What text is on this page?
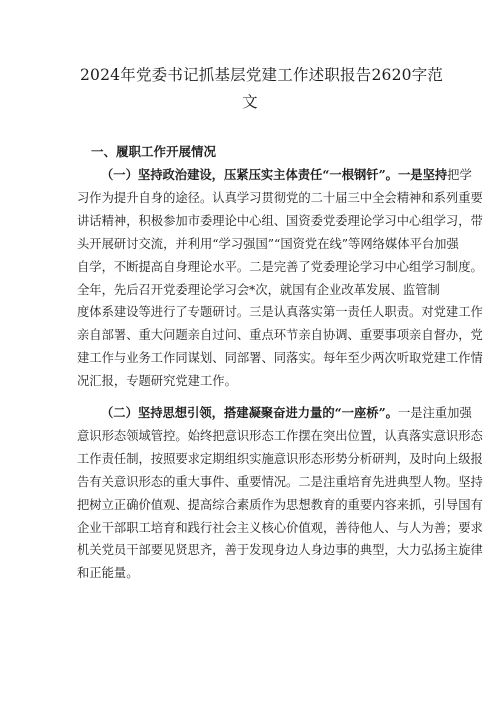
2024年党委书记抓基层党建工作述职报告2620字范
文
一、履职工作开展情况
（一）坚持政治建设，压紧压实主体责任“一根钢钎”。一是坚持把学
习作为提升自身的途径。认真学习贯彻党的二十届三中全会精神和系列重要
讲话精神，积极参加市委理论中心组、国资委党委理论学习中心组学习，带
头开展研讨交流，并利用“学习强国”“国资党在线”等网络媒体平台加强
自学，不断提高自身理论水平。二是完善了党委理论学习中心组学习制度。
全年，先后召开党委理论学习会*次，就国有企业改革发展、监管制
度体系建设等进行了专题研讨。三是认真落实第一责任人职责。对党建工作
亲自部署、重大问题亲自过问、重点环节亲自协调、重要事项亲自督办，党
建工作与业务工作同谋划、同部署、同落实。每年至少两次听取党建工作情
况汇报，专题研究党建工作。
（二）坚持思想引领，搭建凝聚奋进力量的“一座桥”。一是注重加强
意识形态领域管控。始终把意识形态工作摆在突出位置，认真落实意识形态
工作责任制，按照要求定期组织实施意识形态形势分析研判，及时向上级报
告有关意识形态的重大事件、重要情况。二是注重培育先进典型人物。坚持
把树立正确价值观、提高综合素质作为思想教育的重要内容来抓，引导国有
企业干部职工培育和践行社会主义核心价值观，善待他人、与人为善；要求
机关党员干部要见贤思齐，善于发现身边人身边事的典型，大力弘扬主旋律
和正能量。
